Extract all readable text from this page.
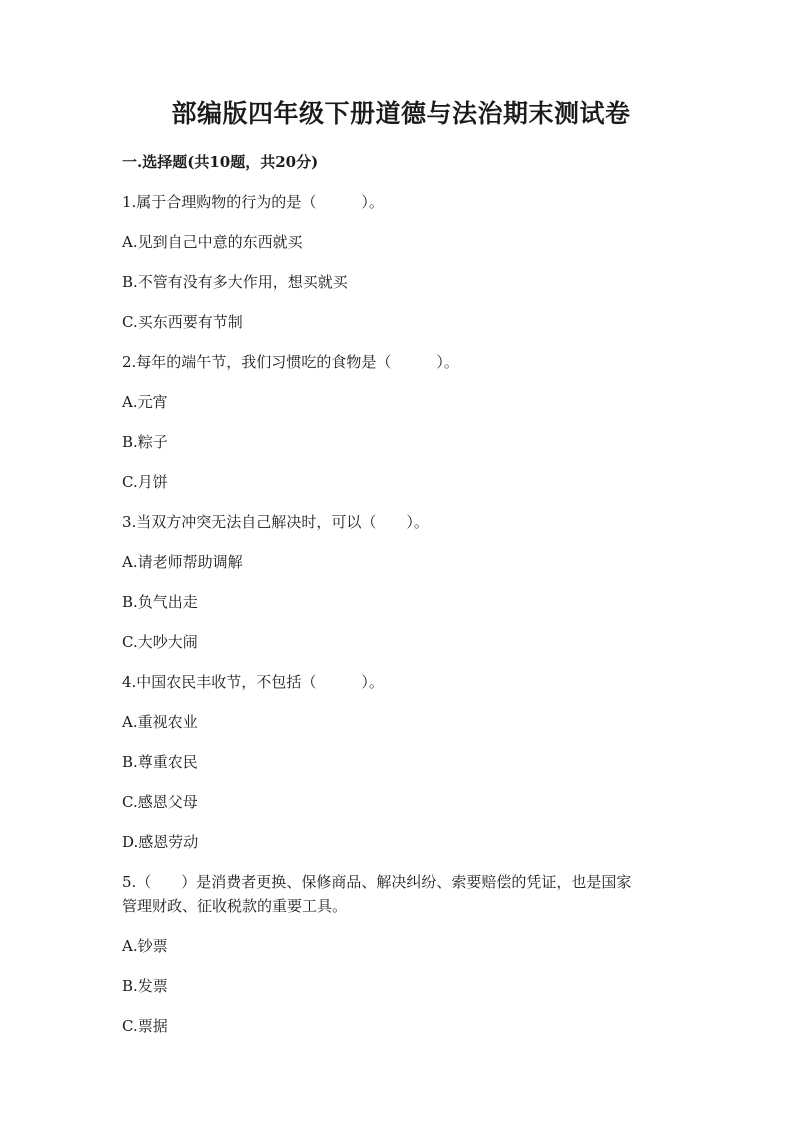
部编版四年级下册道德与法治期末测试卷
一.选择题(共10题，共20分)
1.属于合理购物的行为的是（　　　）。
A.见到自己中意的东西就买
B.不管有没有多大作用，想买就买
C.买东西要有节制
2.每年的端午节，我们习惯吃的食物是（　　　）。
A.元宵
B.粽子
C.月饼
3.当双方冲突无法自己解决时，可以（　　）。
A.请老师帮助调解
B.负气出走
C.大吵大闹
4.中国农民丰收节，不包括（　　　）。
A.重视农业
B.尊重农民
C.感恩父母
D.感恩劳动
5.（　　）是消费者更换、保修商品、解决纠纷、索要赔偿的凭证，也是国家
管理财政、征收税款的重要工具。
A.钞票
B.发票
C.票据
